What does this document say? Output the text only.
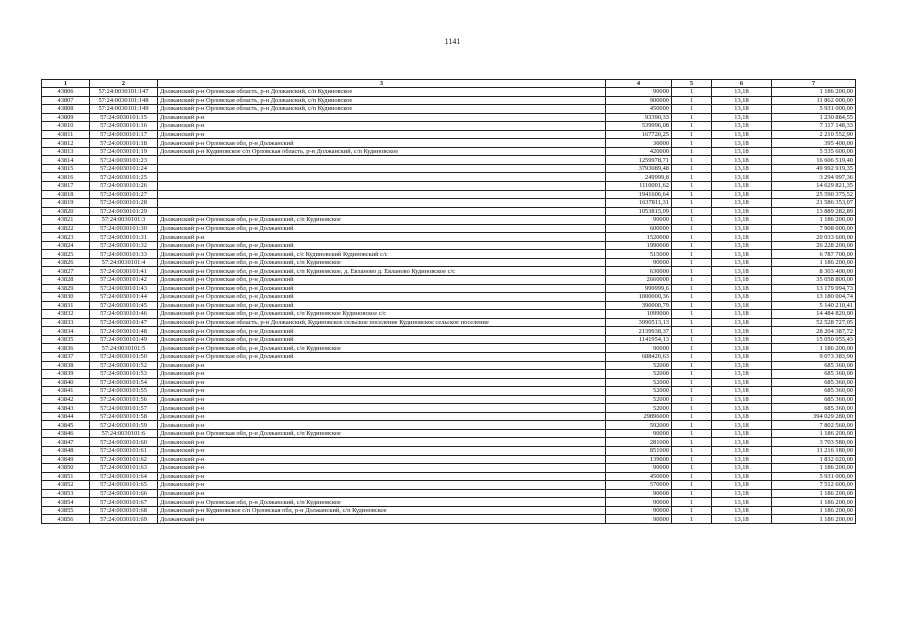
1141
1	2	3	4	5	6	7
43806	57:24:0030101:147	Должанский р-н Орловская область, р-н Должанский, с/п Кудиновское	90000	1	13,18	1 186 200,00
43807	57:24:0030101:148	Должанский р-н Орловская область, р-н Должанский, с/п Кудиновское	900000	1	13,18	11 862 000,00
43808	57:24:0030101:149	Должанский р-н Орловская область, р-н Должанский, с/п Кудиновское	450000	1	13,18	5 931 000,00
43809	57:24:0030101:15	Должанский р-н	93390,33	1	13,18	1 230 884,55
43810	57:24:0030101:16	Должанский р-н	539996,08	1	13,18	7 117 148,33
43811	57:24:0030101:17	Должанский р-н	167720,25	1	13,18	2 210 552,90
43812	57:24:0030101:18	Должанский р-н Орловская обл, р-н Должанский	30000	1	13,18	395 400,00
43813	57:24:0030101:19	Должанский р-н Кудиновское с/п Орловская область, р-н Должанский, с/п Кудиновское	420000	1	13,18	5 535 600,00
43814	57:24:0030101:23		1259978,71	1	13,18	16 606 519,40
43815	57:24:0030101:24		3793089,48	1	13,18	49 992 919,35
43816	57:24:0030101:25		249999,8	1	13,18	3 294 997,36
43817	57:24:0030101:26		1110001,62	1	13,18	14 629 821,35
43818	57:24:0030101:27		1941606,64	1	13,18	25 590 375,52
43819	57:24:0030101:28		1637811,31	1	13,18	21 586 353,07
43820	57:24:0030101:29		1053815,09	1	13,18	13 889 282,89
43821	57:24:0030101:3	Должанский р-н Орловская обл, р-н Должанский, с/п Кудиновское	90000	1	13,18	1 186 200,00
43822	57:24:0030101:30	Должанский р-н Орловская обл, р-н Должанский	600000	1	13,18	7 908 000,00
43823	57:24:0030101:31	Должанский р-н	1520000	1	13,18	20 033 600,00
43824	57:24:0030101:32	Должанский р-н Орловская обл, р-н Должанский	1990000	1	13,18	26 228 200,00
43825	57:24:0030101:33	Должанский р-н Орловская обл, р-н Должанский, с/с Кудиновский Кудиновский с/с	515000	1	13,18	6 787 700,00
43826	57:24:0030101:4	Должанский р-н Орловская обл, р-н Должанский, с/п Кудиновское	90000	1	13,18	1 186 200,00
43827	57:24:0030101:41	Должанский р-н Орловская обл, р-н Должанский, с/п Кудиновское, д. Евланово д. Евланово Кудиновское с/с	630000	1	13,18	8 303 400,00
43828	57:24:0030101:42	Должанский р-н Орловская обл, р-н Должанский	2660000	1	13,18	35 058 800,00
43829	57:24:0030101:43	Должанский р-н Орловская обл, р-н Должанский	999999,6	1	13,18	13 179 994,73
43830	57:24:0030101:44	Должанский р-н Орловская обл, р-н Должанский	1000000,36	1	13,18	13 180 004,74
43831	57:24:0030101:45	Должанский р-н Орловская обл, р-н Должанский	390000,79	1	13,18	5 140 210,41
43832	57:24:0030101:46	Должанский р-н Орловская обл, р-н Должанский, с/п Кудиновское Кудиновское с/с	1099000	1	13,18	14 484 820,00
43833	57:24:0030101:47	Должанский р-н Орловская область, р-н Должанский, Кудиновское сельское поселение Кудиновское сельское поселение	3990513,13	1	13,18	52 528 727,05
43834	57:24:0030101:48	Должанский р-н Орловская обл, р-н Должанский	2139938,37	1	13,18	28 204 387,72
43835	57:24:0030101:49	Должанский р-н Орловская обл, р-н Должанский	1141954,13	1	13,18	15 050 955,43
43836	57:24:0030101:5	Должанский р-н Орловская обл, р-н Должанский, с/п Кудиновское	90000	1	13,18	1 186 200,00
43837	57:24:0030101:50	Должанский р-н Орловская обл, р-н Должанский	688420,63	1	13,18	9 073 383,90
43838	57:24:0030101:52	Должанский р-н	52000	1	13,18	685 360,00
43839	57:24:0030101:53	Должанский р-н	52000	1	13,18	685 360,00
43840	57:24:0030101:54	Должанский р-н	52000	1	13,18	685 360,00
43841	57:24:0030101:55	Должанский р-н	52000	1	13,18	685 360,00
43842	57:24:0030101:56	Должанский р-н	52000	1	13,18	685 360,00
43843	57:24:0030101:57	Должанский р-н	52000	1	13,18	685 360,00
43844	57:24:0030101:58	Должанский р-н	29896000	1	13,18	394 029 280,00
43845	57:24:0030101:59	Должанский р-н	592000	1	13,18	7 802 560,00
43846	57:24:0030101:6	Должанский р-н Орловская обл, р-н Должанский, с/п Кудиновское	90000	1	13,18	1 186 200,00
43847	57:24:0030101:60	Должанский р-н	281000	1	13,18	3 703 580,00
43848	57:24:0030101:61	Должанский р-н	851000	1	13,18	11 216 180,00
43849	57:24:0030101:62	Должанский р-н	139000	1	13,18	1 832 020,00
43850	57:24:0030101:63	Должанский р-н	90000	1	13,18	1 186 200,00
43851	57:24:0030101:64	Должанский р-н	450000	1	13,18	5 931 000,00
43852	57:24:0030101:65	Должанский р-н	570000	1	13,18	7 512 600,00
43853	57:24:0030101:66	Должанский р-н	90000	1	13,18	1 186 200,00
43854	57:24:0030101:67	Должанский р-н Орловская обл, р-н Должанский, с/п Кудиновское	90000	1	13,18	1 186 200,00
43855	57:24:0030101:68	Должанский р-н Кудиновское с/п Орловская обл, р-н Должанский, с/п Кудиновское	90000	1	13,18	1 186 200,00
43856	57:24:0030101:69	Должанский р-н	90000	1	13,18	1 186 200,00
